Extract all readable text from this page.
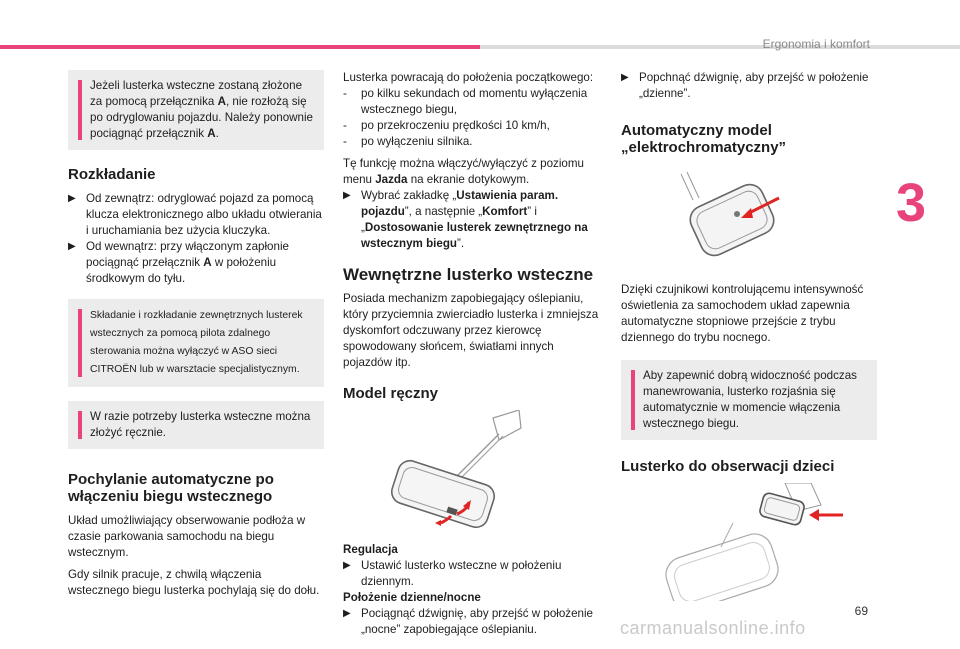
Ergonomia i komfort
3
Jeżeli lusterka wsteczne zostaną złożone za pomocą przełącznika A, nie rozłożą się po odryglowaniu pojazdu. Należy ponownie pociągnąć przełącznik A.
Rozkładanie

▶ Od zewnątrz: odryglować pojazd za pomocą klucza elektronicznego albo układu otwierania i uruchamiania bez użycia kluczyka.

▶ Od wewnątrz: przy włączonym zapłonie pociągnąć przełącznik A w położeniu środkowym do tyłu.

Składanie i rozkładanie zewnętrznych lusterek wstecznych za pomocą pilota zdalnego sterowania można wyłączyć w ASO sieci CITROËN lub w warsztacie specjalistycznym.
W razie potrzeby lusterka wsteczne można złożyć ręcznie.
Pochylanie automatyczne po włączeniu biegu wstecznego

Układ umożliwiający obserwowanie podłoża w czasie parkowania samochodu na biegu wstecznym.

Gdy silnik pracuje, z chwilą włączenia wstecznego biegu lusterka pochylają się do dołu.

Lusterka powracają do położenia początkowego:

- po kilku sekundach od momentu wyłączenia wstecznego biegu,

- po przekroczeniu prędkości 10 km/h,

- po wyłączeniu silnika.

Tę funkcję można włączyć/wyłączyć z poziomu menu Jazda na ekranie dotykowym.

▶ Wybrać zakładkę „Ustawienia param. pojazdu”, a następnie „Komfort” i „Dostosowanie lusterek zewnętrznego na wstecznym biegu”.

Wewnętrzne lusterko wsteczne

Posiada mechanizm zapobiegający oślepianiu, który przyciemnia zwierciadło lusterka i zmniejsza dyskomfort odczuwany przez kierowcę spowodowany słońcem, światłami innych pojazdów itp.

Model ręczny

Regulacja

▶ Ustawić lusterko wsteczne w położeniu dziennym.

Położenie dzienne/nocne

▶ Pociągnąć dźwignię, aby przejść w położenie „nocne” zapobiegające oślepianiu.

▶ Popchnąć dźwignię, aby przejść w położenie „dzienne”.

Automatyczny model „elektrochromatyczny”

Dzięki czujnikowi kontrolującemu intensywność oświetlenia za samochodem układ zapewnia automatyczne stopniowe przejście z trybu dziennego do trybu nocnego.

Aby zapewnić dobrą widoczność podczas manewrowania, lusterko rozjaśnia się automatycznie w momencie włączenia wstecznego biegu.
Lusterko do obserwacji dzieci
69
carmanualsonline.info
